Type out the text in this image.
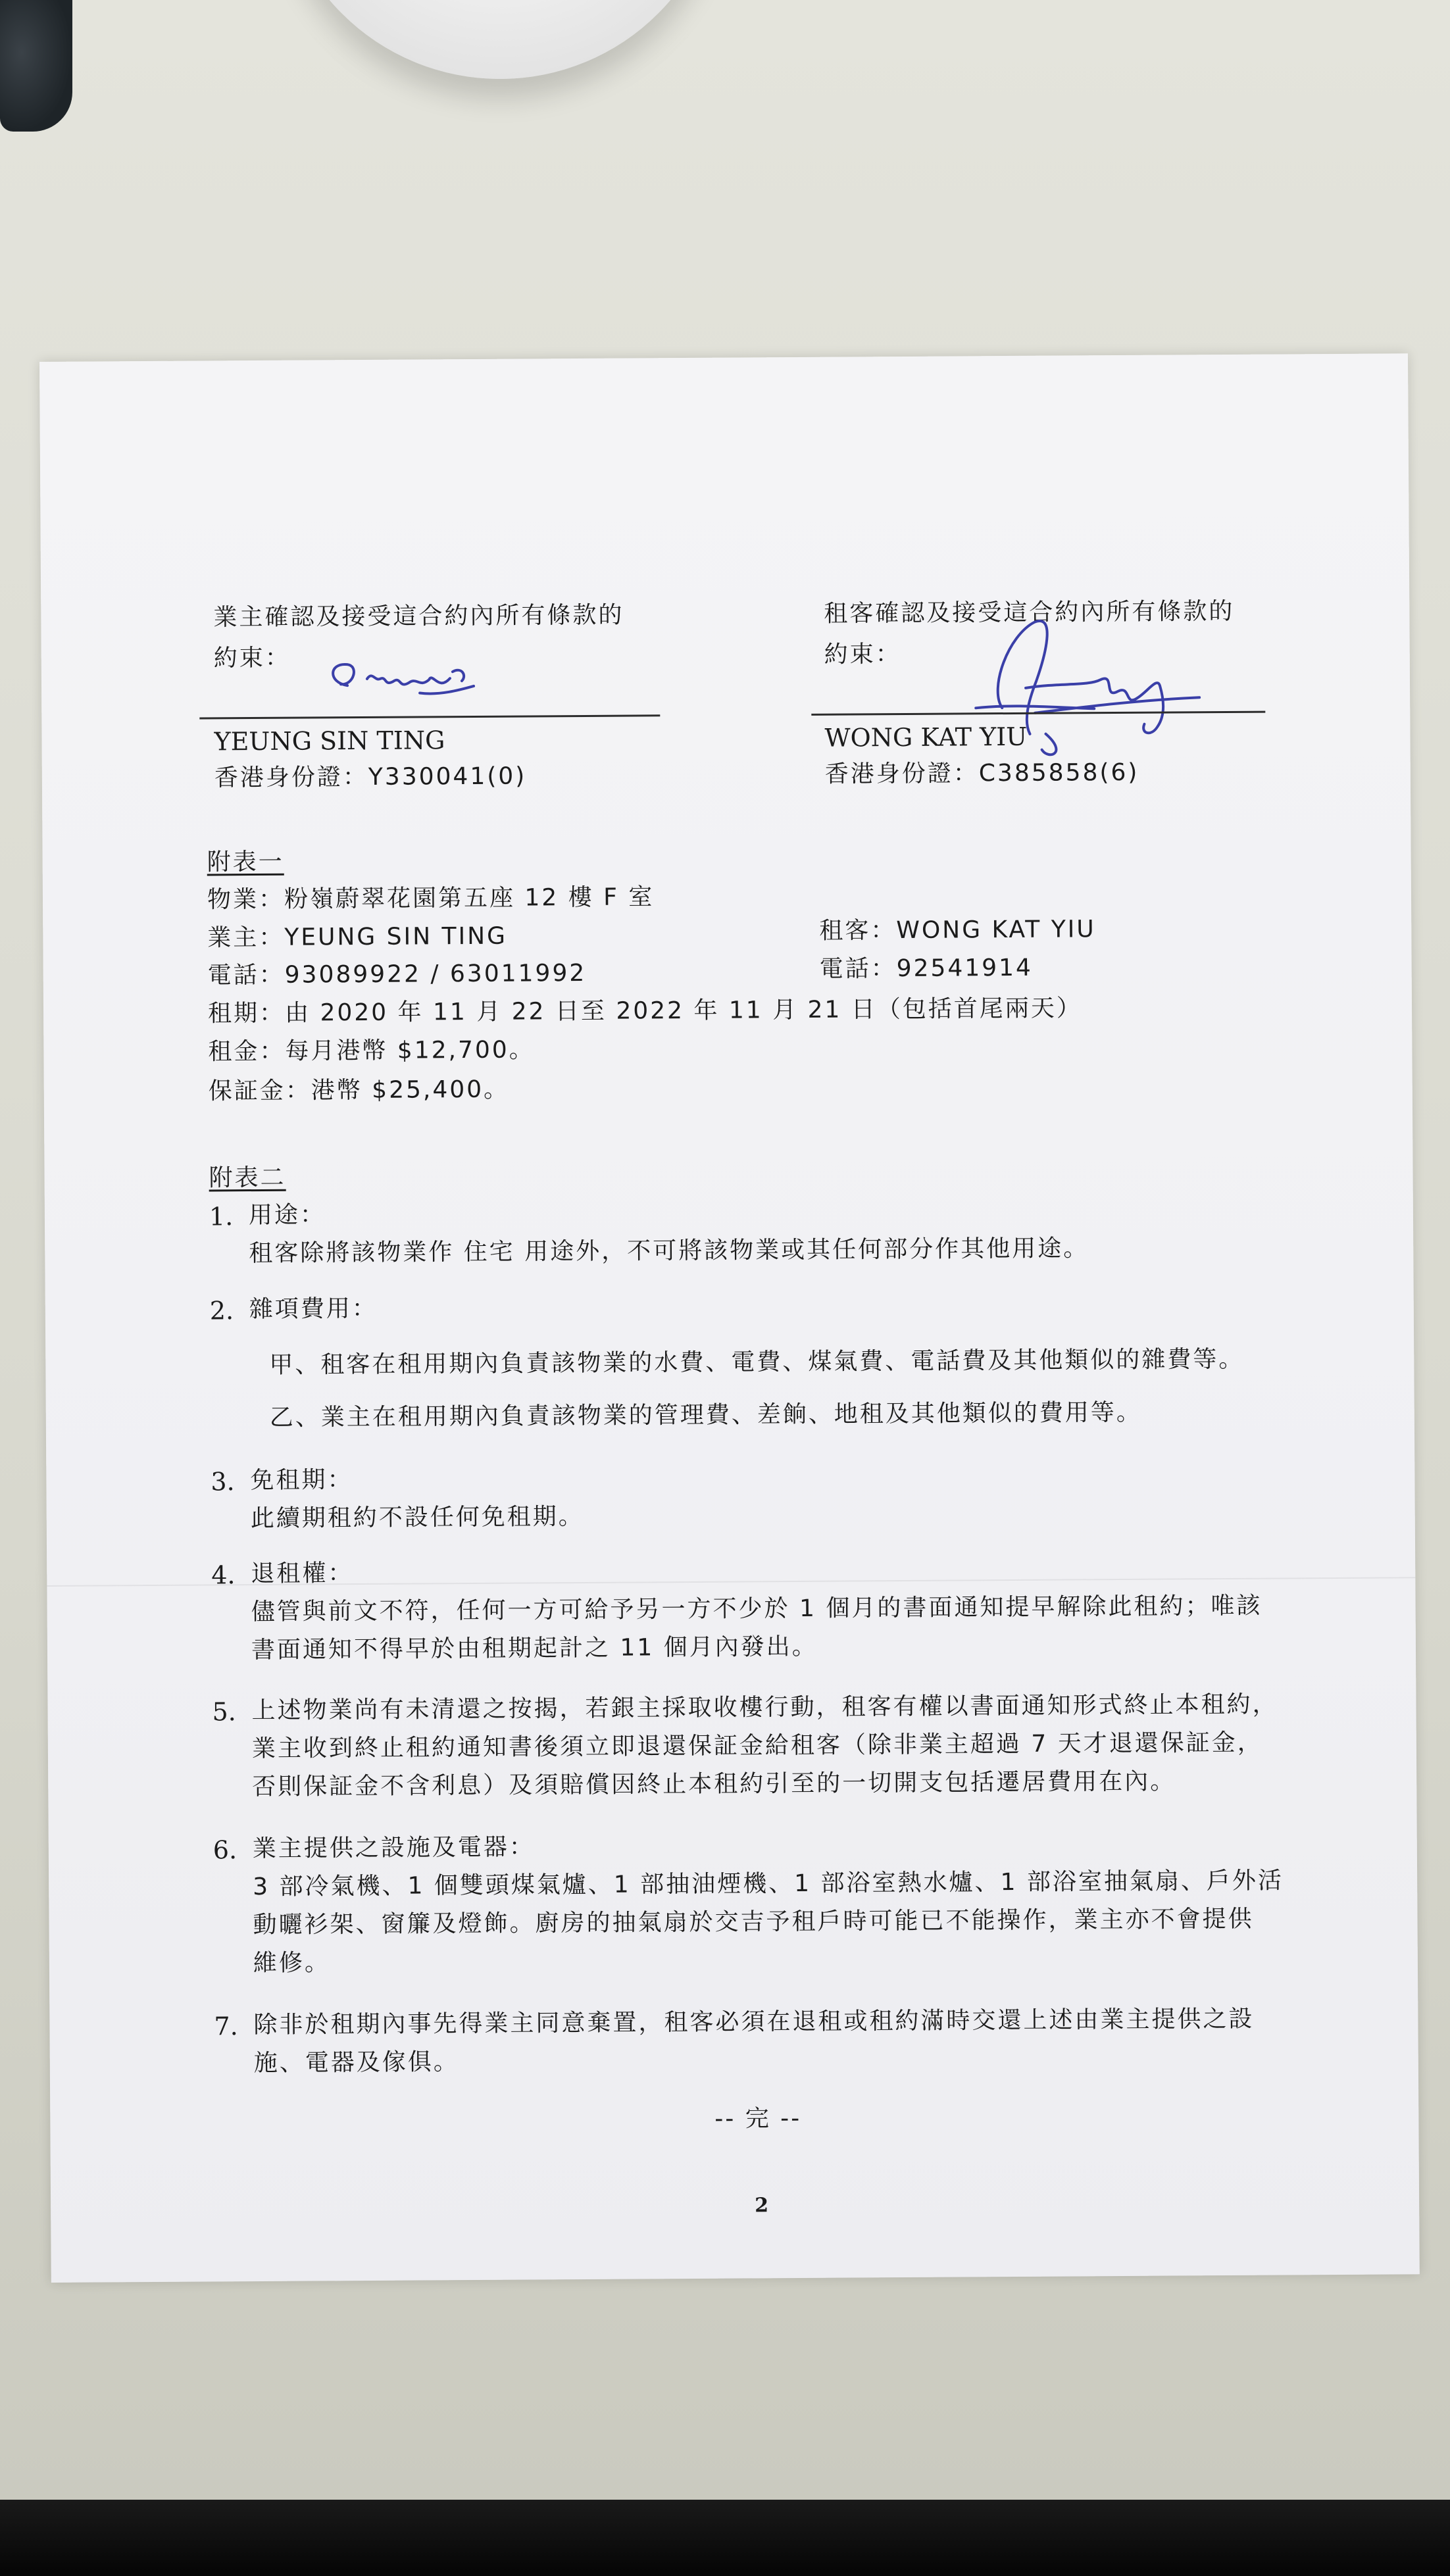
業主確認及接受這合約內所有條款的
約束：
YEUNG SIN TING
香港身份證：Y330041(0)
租客確認及接受這合約內所有條款的
約束：
WONG KAT YIU
香港身份證：C385858(6)
附表一
物業：粉嶺蔚翠花園第五座 12 樓 F 室
業主：YEUNG SIN TING	租客：WONG KAT YIU
電話：93089922 / 63011992	電話：92541914
租期：由 2020 年 11 月 22 日至 2022 年 11 月 21 日（包括首尾兩天）
租金：每月港幣 $12,700。
保証金：港幣 $25,400。
附表二
1. 用途：
租客除將該物業作 住宅 用途外，不可將該物業或其任何部分作其他用途。
2. 雜項費用：
甲、租客在租用期內負責該物業的水費、電費、煤氣費、電話費及其他類似的雜費等。
乙、業主在租用期內負責該物業的管理費、差餉、地租及其他類似的費用等。
3. 免租期：
此續期租約不設任何免租期。
4. 退租權：
儘管與前文不符，任何一方可給予另一方不少於 1 個月的書面通知提早解除此租約；唯該
書面通知不得早於由租期起計之 11 個月內發出。
5. 上述物業尚有未清還之按揭，若銀主採取收樓行動，租客有權以書面通知形式終止本租約，
業主收到終止租約通知書後須立即退還保証金給租客（除非業主超過 7 天才退還保証金，
否則保証金不含利息）及須賠償因終止本租約引至的一切開支包括遷居費用在內。
6. 業主提供之設施及電器：
3 部冷氣機、1 個雙頭煤氣爐、1 部抽油煙機、1 部浴室熱水爐、1 部浴室抽氣扇、戶外活
動曬衫架、窗簾及燈飾。廚房的抽氣扇於交吉予租戶時可能已不能操作，業主亦不會提供
維修。
7. 除非於租期內事先得業主同意棄置，租客必須在退租或租約滿時交還上述由業主提供之設
施、電器及傢俱。
-- 完 --
2
